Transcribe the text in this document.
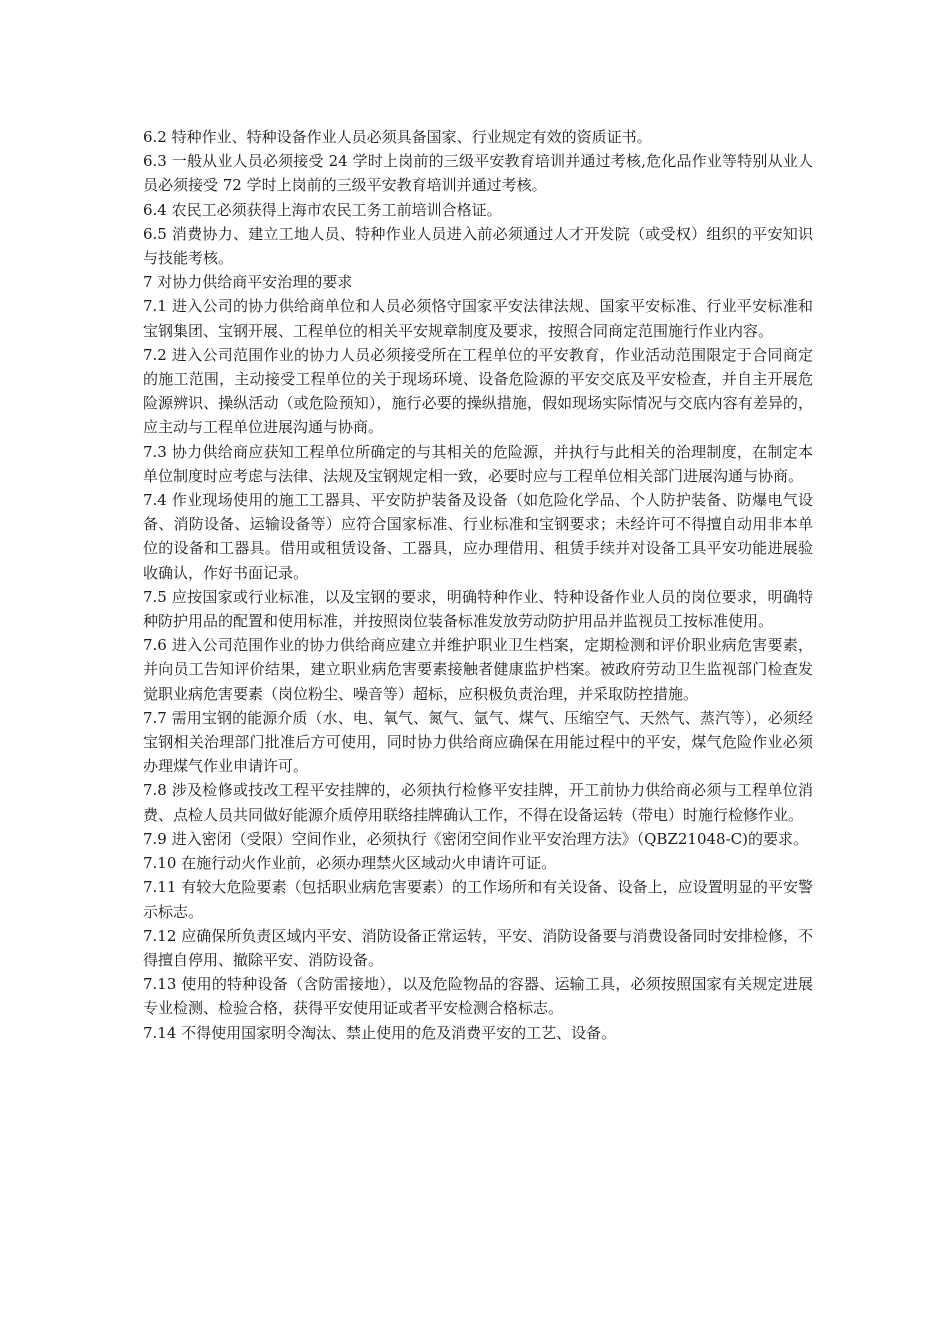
6.2 特种作业、特种设备作业人员必须具备国家、行业规定有效的资质证书。

6.3 一般从业人员必须接受 24 学时上岗前的三级平安教育培训并通过考核,危化品作业等特别从业人员必须接受 72 学时上岗前的三级平安教育培训并通过考核。

6.4 农民工必须获得上海市农民工务工前培训合格证。

6.5 消费协力、建立工地人员、特种作业人员进入前必须通过人才开发院（或受权）组织的平安知识与技能考核。

7 对协力供给商平安治理的要求

7.1 进入公司的协力供给商单位和人员必须恪守国家平安法律法规、国家平安标准、行业平安标准和宝钢集团、宝钢开展、工程单位的相关平安规章制度及要求，按照合同商定范围施行作业内容。

7.2 进入公司范围作业的协力人员必须接受所在工程单位的平安教育，作业活动范围限定于合同商定的施工范围，主动接受工程单位的关于现场环境、设备危险源的平安交底及平安检查，并自主开展危险源辨识、操纵活动（或危险预知），施行必要的操纵措施，假如现场实际情况与交底内容有差异的，应主动与工程单位进展沟通与协商。

7.3 协力供给商应获知工程单位所确定的与其相关的危险源，并执行与此相关的治理制度，在制定本单位制度时应考虑与法律、法规及宝钢规定相一致，必要时应与工程单位相关部门进展沟通与协商。

7.4 作业现场使用的施工工器具、平安防护装备及设备（如危险化学品、个人防护装备、防爆电气设备、消防设备、运输设备等）应符合国家标准、行业标准和宝钢要求；未经许可不得擅自动用非本单位的设备和工器具。借用或租赁设备、工器具，应办理借用、租赁手续并对设备工具平安功能进展验收确认，作好书面记录。

7.5 应按国家或行业标准，以及宝钢的要求，明确特种作业、特种设备作业人员的岗位要求，明确特种防护用品的配置和使用标准，并按照岗位装备标准发放劳动防护用品并监视员工按标准使用。

7.6 进入公司范围作业的协力供给商应建立并维护职业卫生档案，定期检测和评价职业病危害要素，并向员工告知评价结果，建立职业病危害要素接触者健康监护档案。被政府劳动卫生监视部门检查发觉职业病危害要素（岗位粉尘、噪音等）超标，应积极负责治理，并采取防控措施。

7.7 需用宝钢的能源介质（水、电、氧气、氮气、氩气、煤气、压缩空气、天然气、蒸汽等），必须经宝钢相关治理部门批准后方可使用，同时协力供给商应确保在用能过程中的平安，煤气危险作业必须办理煤气作业申请许可。

7.8 涉及检修或技改工程平安挂牌的，必须执行检修平安挂牌，开工前协力供给商必须与工程单位消费、点检人员共同做好能源介质停用联络挂牌确认工作，不得在设备运转（带电）时施行检修作业。

7.9 进入密闭（受限）空间作业，必须执行《密闭空间作业平安治理方法》（QBZ21048-C)的要求。

7.10 在施行动火作业前，必须办理禁火区域动火申请许可证。

7.11 有较大危险要素（包括职业病危害要素）的工作场所和有关设备、设备上，应设置明显的平安警示标志。

7.12 应确保所负责区域内平安、消防设备正常运转，平安、消防设备要与消费设备同时安排检修，不得擅自停用、撤除平安、消防设备。

7.13 使用的特种设备（含防雷接地），以及危险物品的容器、运输工具，必须按照国家有关规定进展专业检测、检验合格，获得平安使用证或者平安检测合格标志。

7.14 不得使用国家明令淘汰、禁止使用的危及消费平安的工艺、设备。
